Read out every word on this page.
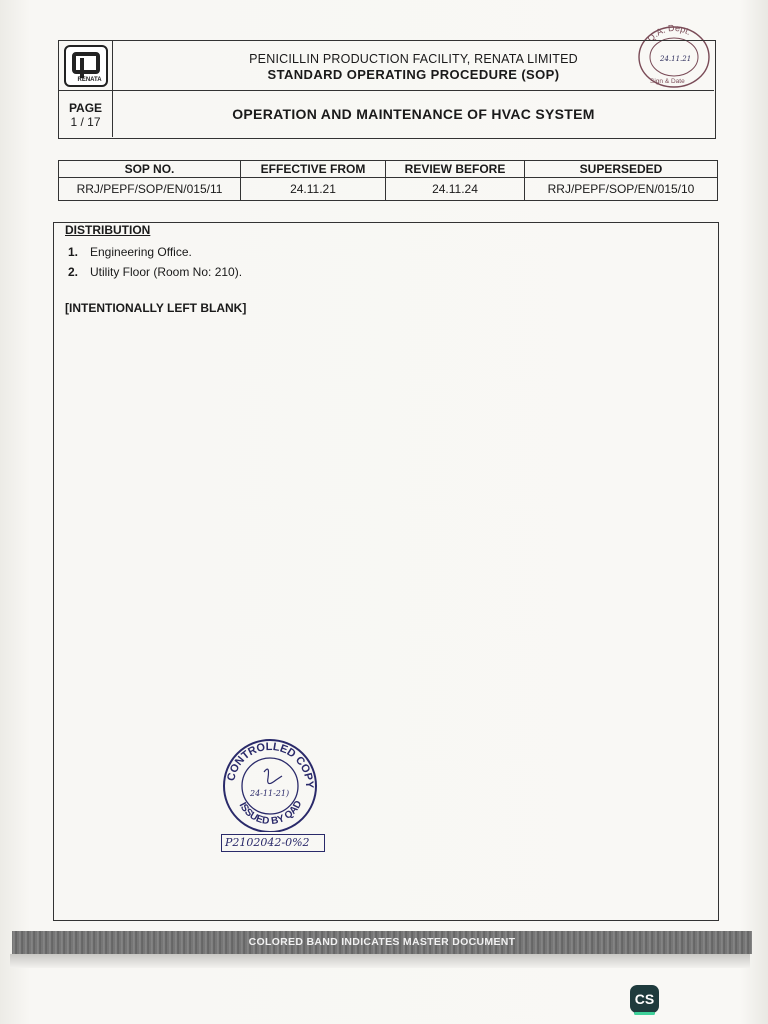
Q.A. Dept.
24.11.21
Sign & Date
RENATA
PENICILLIN PRODUCTION FACILITY, RENATA LIMITED
STANDARD OPERATING PROCEDURE (SOP)
PAGE
1 / 17	OPERATION AND MAINTENANCE OF HVAC SYSTEM
SOP NO.	EFFECTIVE FROM	REVIEW BEFORE	SUPERSEDED
RRJ/PEPF/SOP/EN/015/11	24.11.21	24.11.24	RRJ/PEPF/SOP/EN/015/10
DISTRIBUTION
1. Engineering Office.
2. Utility Floor (Room No: 210).
[INTENTIONALLY LEFT BLANK]
CONTROLLED COPY
ISSUED BY QAD
24-11-21)
P2102042-0%2
COLORED BAND INDICATES MASTER DOCUMENT
CS
